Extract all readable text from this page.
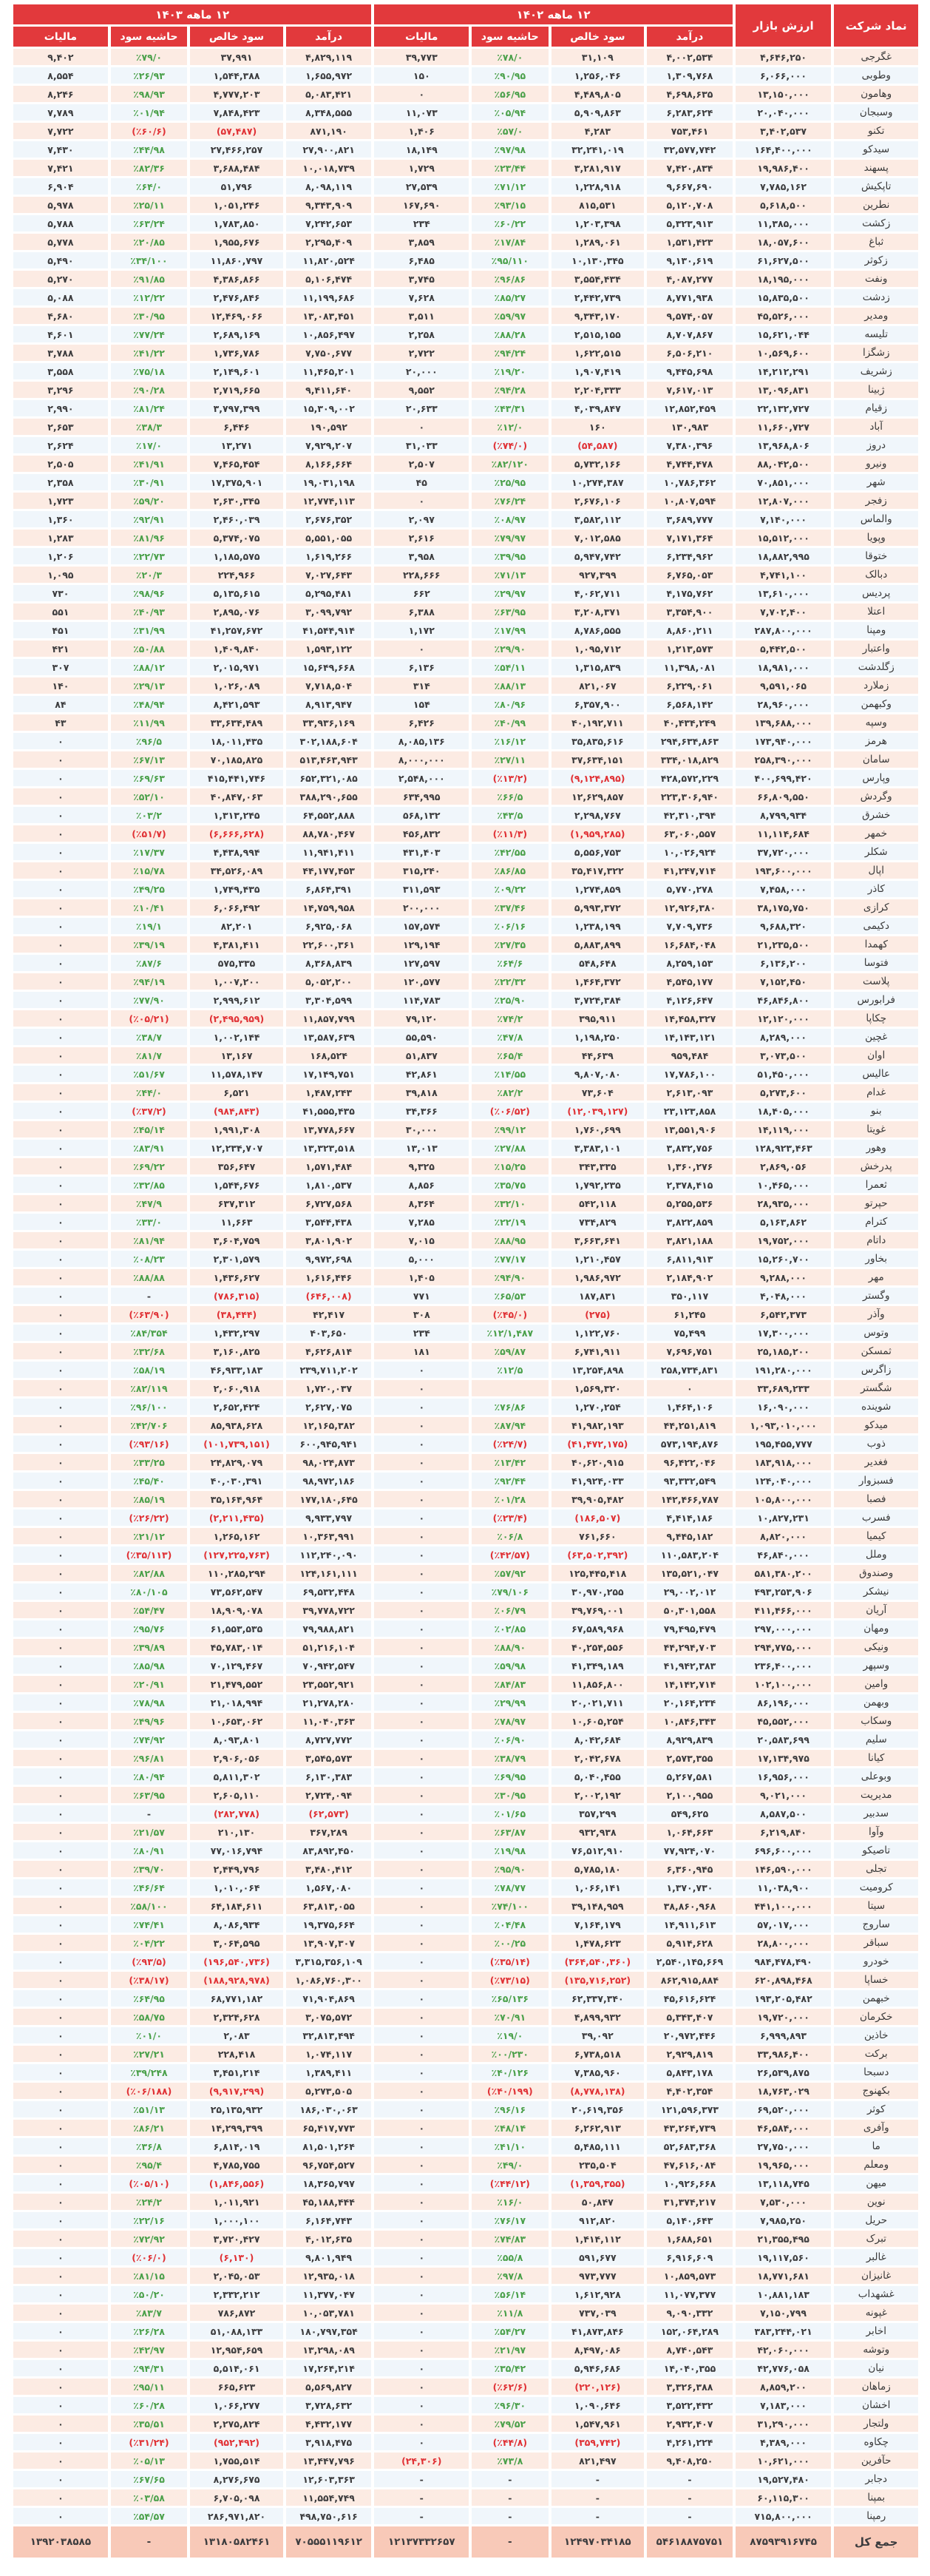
نماد شرکت	ارزش بازار	۱۲ ماهه ۱۴۰۲				۱۲ ماهه ۱۴۰۳			
		درآمد	سود خالص	حاشیه سود	مالیات	درآمد	سود خالص	حاشیه سود	مالیات
غگرجی	۴,۶۴۶,۲۵۰	۴,۰۰۲,۵۳۴	۳۱,۱۰۹	٪۷۸/۰	۳۹,۷۷۳	۴,۸۲۹,۱۱۹	۳۷,۹۹۱	٪۷۹/۰	۹,۴۰۲
وطوبی	۶,۰۶۶,۰۰۰	۱,۳۰۹,۷۶۸	۱,۲۵۶,۰۴۶	٪۹۰/۹۵	۱۵۰	۱,۶۵۵,۹۷۲	۱,۵۴۴,۳۸۸	٪۲۶/۹۳	۸,۵۵۴
وهامون	۱۳,۱۵۰,۰۰۰	۴,۶۹۸,۶۳۵	۴,۴۸۹,۸۰۵	٪۵۶/۹۵	۰	۵,۰۸۳,۴۲۱	۴,۷۷۷,۲۰۳	٪۹۸/۹۳	۸,۲۴۶
وسبجان	۲۰,۰۴۰,۰۰۰	۶,۲۸۳,۶۲۴	۵,۹۰۹,۸۶۳	٪۰۵/۹۴	۱۱,۰۷۳	۸,۳۴۸,۵۵۵	۷,۸۴۸,۴۲۳	٪۰۱/۹۴	۷,۷۸۹
تکنو	۳,۴۰۲,۵۳۷	۷۵۳,۴۶۱	۴,۲۸۳	٪۵۷/۰	۱,۴۰۶	۸۷۱,۱۹۰	(۵۷,۴۸۷)	(٪۶۰/۶)	۷,۷۲۲
سیدکو	۱۶۴,۴۰۰,۰۰۰	۳۲,۵۷۷,۷۴۲	۳۲,۲۴۱,۰۱۹	٪۹۷/۹۸	۱۸,۱۴۹	۲۷,۹۰۰,۸۲۱	۲۷,۴۶۶,۲۵۷	٪۴۴/۹۸	۷,۴۳۰
پسهند	۱۹,۹۸۶,۴۰۰	۷,۴۲۰,۸۳۴	۳,۲۸۱,۹۱۷	٪۲۳/۴۴	۱,۷۲۹	۱۰,۰۱۸,۷۳۹	۳,۶۸۸,۴۸۴	٪۸۲/۳۶	۷,۴۲۱
تاپکیش	۷,۷۸۵,۱۶۲	۹,۶۶۷,۶۹۰	۱,۲۲۸,۹۱۸	٪۷۱/۱۲	۲۷,۵۳۹	۸,۰۹۸,۱۱۹	۵۱,۷۹۶	٪۶۴/۰	۶,۹۰۴
نطرین	۵,۶۱۸,۵۰۰	۵,۱۲۰,۷۰۸	۸۱۵,۵۳۱	٪۹۳/۱۵	۱۶۷,۶۹۰	۹,۳۴۳,۹۰۹	۱,۰۵۱,۲۴۶	٪۲۵/۱۱	۵,۹۷۸
زکشت	۱۱,۳۸۵,۰۰۰	۵,۳۲۳,۹۱۳	۱,۲۰۳,۳۹۸	٪۶۰/۲۲	۲۳۴	۷,۲۴۲,۶۵۳	۱,۷۸۳,۸۵۰	٪۶۳/۲۴	۵,۷۸۸
ثباغ	۱۸,۰۵۷,۶۰۰	۱,۵۳۱,۴۲۳	۱,۲۸۹,۰۶۱	٪۱۷/۸۴	۳,۸۵۹	۲,۲۹۵,۴۰۹	۱,۹۵۵,۶۷۶	٪۲۰/۸۵	۵,۷۷۸
زکوثر	۶۱,۶۲۷,۵۰۰	۹,۱۳۰,۶۱۹	۱۰,۱۳۰,۳۴۵	٪۹۵/۱۱۰	۶,۴۸۵	۱۱,۸۲۰,۵۲۴	۱۱,۸۶۰,۷۹۷	٪۳۴/۱۰۰	۵,۴۹۰
ونفت	۱۸,۱۹۵,۰۰۰	۴,۰۸۷,۲۷۷	۳,۵۵۴,۴۳۴	٪۹۶/۸۶	۳,۷۴۵	۵,۱۰۶,۴۷۴	۴,۳۸۶,۸۶۶	٪۹۱/۸۵	۵,۲۷۰
زدشت	۱۵,۸۳۵,۵۰۰	۸,۷۷۱,۹۳۸	۲,۴۴۲,۷۳۹	٪۸۵/۲۷	۷,۶۲۸	۱۱,۱۹۹,۶۸۶	۲,۴۷۶,۸۴۶	٪۱۲/۲۲	۵,۰۸۸
ومدیر	۴۵,۵۲۶,۰۰۰	۹,۵۷۴,۰۵۷	۹,۳۴۳,۱۷۰	٪۵۹/۹۷	۳,۵۱۱	۱۳,۰۸۳,۴۵۱	۱۲,۴۶۹,۰۶۶	٪۳۰/۹۵	۴,۶۸۰
تلیسه	۱۵,۶۲۱,۰۴۴	۸,۷۰۷,۸۶۷	۲,۵۱۵,۱۵۵	٪۸۸/۲۸	۲,۲۵۸	۱۰,۸۵۶,۴۹۷	۲,۶۸۹,۱۶۹	٪۷۷/۲۴	۴,۶۰۱
زشگزا	۱۰,۵۶۹,۶۰۰	۶,۵۰۶,۲۱۰	۱,۶۲۲,۵۱۵	٪۹۴/۲۴	۲,۷۲۲	۷,۷۵۰,۶۷۷	۱,۷۳۶,۷۸۶	٪۴۱/۲۲	۳,۷۸۸
زشریف	۱۴,۲۱۲,۲۹۱	۹,۴۴۵,۶۹۸	۱,۹۰۷,۴۱۹	٪۱۹/۲۰	۲۰,۰۰۰	۱۱,۴۶۵,۲۰۱	۲,۱۴۹,۶۰۱	٪۷۵/۱۸	۳,۵۵۸
ژبینا	۱۳,۰۹۶,۸۳۱	۷,۶۱۷,۰۱۳	۲,۲۰۴,۳۳۳	٪۹۴/۲۸	۹,۵۵۲	۹,۴۱۱,۶۴۰	۲,۷۱۹,۶۶۵	٪۹۰/۲۸	۳,۲۹۶
زقیام	۲۲,۱۳۲,۷۲۷	۱۲,۸۵۲,۴۵۹	۴,۰۳۹,۸۴۷	٪۴۳/۳۱	۲۰,۶۳۳	۱۵,۳۰۹,۰۰۲	۳,۷۹۷,۳۹۹	٪۸۱/۲۴	۲,۹۹۰
آباد	۱۱,۶۶۰,۷۲۷	۱۳۰,۹۸۳	۱۶۰	٪۱۲/۰	۰	۱۹۰,۵۹۲	۶,۴۴۶	٪۳۸/۳	۲,۶۵۳
دروز	۱۳,۹۶۸,۸۰۶	۷,۳۸۰,۳۹۶	(۵۴,۵۸۷)	(٪۷۴/۰)	۳۱,۰۳۳	۷,۹۲۹,۲۰۷	۱۳,۲۷۱	٪۱۷/۰	۲,۶۲۴
ونیرو	۸۸,۰۴۲,۵۰۰	۴,۷۴۴,۴۷۸	۵,۷۳۲,۱۶۶	٪۸۲/۱۲۰	۲,۵۰۷	۸,۱۶۶,۶۶۴	۷,۴۶۵,۴۵۴	٪۴۱/۹۱	۲,۵۰۵
شهر	۷۰,۸۵۱,۰۰۰	۱۰,۷۸۶,۳۶۲	۱۰,۲۷۴,۳۸۷	٪۲۵/۹۵	۴۵	۱۹,۰۳۱,۱۹۸	۱۷,۳۷۵,۹۰۱	٪۳۰/۹۱	۲,۳۵۸
زفجر	۱۲,۸۰۷,۰۰۰	۱۰,۸۰۷,۵۹۴	۲,۶۷۶,۱۰۶	٪۷۶/۲۴	۰	۱۲,۷۷۴,۱۱۳	۲,۶۳۰,۳۴۵	٪۵۹/۲۰	۱,۷۲۳
والماس	۷,۱۴۰,۰۰۰	۳,۶۸۹,۷۷۷	۳,۵۸۲,۱۱۲	٪۰۸/۹۷	۲,۰۹۷	۲,۶۷۶,۳۵۲	۲,۴۶۰,۰۳۹	٪۹۲/۹۱	۱,۳۶۰
وپویا	۱۵,۵۱۲,۰۰۰	۷,۱۷۱,۳۶۴	۷,۰۱۲,۵۸۵	٪۷۹/۹۷	۲,۶۱۶	۵,۵۵۱,۰۵۵	۵,۳۷۴,۰۷۵	٪۸۱/۹۶	۱,۲۸۳
ختوقا	۱۸,۸۸۲,۹۹۵	۶,۲۳۴,۹۶۲	۵,۹۴۷,۷۴۲	٪۳۹/۹۵	۳,۹۵۸	۱,۶۱۹,۲۶۶	۱,۱۸۵,۵۷۵	٪۲۲/۷۳	۱,۲۰۶
دبالک	۴,۷۴۱,۱۰۰	۶,۷۶۵,۰۵۳	۹۲۷,۳۹۹	٪۷۱/۱۳	۲۲۸,۶۶۶	۷,۰۲۷,۶۴۳	۲۲۴,۹۶۶	٪۲۰/۳	۱,۰۹۵
پردیس	۱۳,۶۱۰,۰۰۰	۴,۱۷۵,۷۶۲	۴,۰۶۲,۷۱۱	٪۲۹/۹۷	۶۶۲	۵,۲۹۵,۴۸۱	۵,۱۳۵,۶۱۵	٪۹۸/۹۶	۷۳۰
اعتلا	۷,۷۰۲,۴۰۰	۳,۳۵۴,۹۰۰	۳,۲۰۸,۳۷۱	٪۶۳/۹۵	۶,۳۸۸	۳,۰۹۹,۷۹۲	۲,۸۹۵,۰۷۶	٪۴۰/۹۳	۵۵۱
ومپنا	۲۸۷,۸۰۰,۰۰۰	۸,۸۶۰,۲۱۱	۸,۷۸۶,۵۵۵	٪۱۷/۹۹	۱,۱۷۲	۴۱,۵۴۴,۹۱۴	۴۱,۲۵۷,۶۷۲	٪۳۱/۹۹	۴۵۱
واعتبار	۵,۴۴۲,۵۰۰	۱,۲۱۳,۵۷۳	۱,۰۹۵,۷۱۲	٪۲۹/۹۰	۰	۱,۵۹۳,۱۲۲	۱,۴۰۹,۸۴۰	٪۵۰/۸۸	۴۲۱
زگلدشت	۱۸,۹۸۱,۰۰۰	۱۱,۳۹۸,۰۸۱	۱,۳۱۵,۸۳۹	٪۵۴/۱۱	۶,۱۳۶	۱۵,۶۴۹,۶۶۸	۲,۰۱۵,۹۷۱	٪۸۸/۱۲	۳۰۷
زملارد	۹,۵۹۱,۰۶۵	۶,۲۲۹,۰۶۱	۸۲۱,۰۶۷	٪۸۸/۱۳	۳۱۴	۷,۷۱۸,۵۰۴	۱,۰۲۶,۰۸۹	٪۲۹/۱۳	۱۴۰
وکبهمن	۲۸,۹۶۰,۰۰۰	۶,۵۶۸,۱۴۲	۶,۳۵۷,۹۰۰	٪۸۰/۹۶	۱۵۴	۸,۹۱۳,۹۴۷	۸,۴۲۱,۵۹۳	٪۴۸/۹۴	۸۴
وسپه	۱۳۹,۶۸۸,۰۰۰	۴۰,۴۳۴,۲۴۹	۴۰,۱۹۲,۷۱۱	٪۴۰/۹۹	۶,۴۲۶	۳۳,۹۳۶,۱۶۹	۳۳,۶۳۴,۴۸۹	٪۱۱/۹۹	۴۳
هرمز	۱۷۳,۹۴۰,۰۰۰	۲۹۴,۶۳۴,۸۶۳	۳۵,۸۳۵,۶۱۶	٪۱۶/۱۲	۸,۰۸۵,۱۳۶	۳۰۲,۱۸۸,۶۰۴	۱۸,۰۱۱,۴۳۵	٪۹۶/۵	۰
سامان	۲۵۸,۳۹۰,۰۰۰	۳۳۴,۰۱۸,۸۲۹	۳۷,۶۳۴,۱۵۱	٪۲۷/۱۱	۸,۰۰۰,۰۰۰	۵۱۳,۴۶۳,۹۴۳	۷۰,۱۸۵,۸۲۵	٪۶۷/۱۳	۰
وپارس	۴۰۰,۶۹۹,۴۲۰	۴۲۸,۵۷۲,۲۲۹	(۹,۱۲۴,۸۹۵)	(٪۱۳/۲)	۲,۵۴۸,۰۰۰	۶۵۲,۳۲۱,۰۸۵	۴۱۵,۴۴۱,۷۴۶	٪۶۹/۶۳	۰
وگردش	۶۶,۸۰۹,۵۵۰	۲۲۳,۳۰۶,۹۴۰	۱۲,۶۲۹,۸۵۷	٪۶۶/۵	۶۳۴,۹۹۵	۳۸۸,۲۹۰,۶۵۵	۴۰,۸۴۷,۰۶۳	٪۵۲/۱۰	۰
خشرق	۸,۷۹۹,۹۳۴	۴۲,۳۱۰,۳۹۴	۲,۲۹۸,۷۶۷	٪۴۳/۵	۵۶۸,۱۳۲	۶۴,۵۵۲,۸۸۸	۱,۳۱۳,۲۴۵	٪۰۳/۲	۰
خمهر	۱۱,۱۱۴,۶۸۴	۶۳,۰۶۰,۵۵۷	(۱,۹۵۹,۲۸۵)	(٪۱۱/۳)	۴۵۶,۸۳۲	۸۸,۷۸۰,۴۶۷	(۶,۶۶۶,۶۲۸)	(٪۵۱/۷)	۰
شکلر	۳۷,۷۲۰,۰۰۰	۱۰,۰۲۶,۹۲۴	۵,۵۵۶,۷۵۳	٪۴۲/۵۵	۴۳۱,۴۰۳	۱۱,۹۴۱,۴۱۱	۴,۴۳۸,۹۹۴	٪۱۷/۳۷	۰
اپال	۱۹۳,۶۰۰,۰۰۰	۴۱,۲۴۷,۷۱۴	۳۵,۴۱۷,۳۲۲	٪۸۶/۸۵	۳۱۵,۲۴۰	۴۴,۱۷۷,۴۵۳	۳۴,۵۲۶,۰۸۹	٪۱۵/۷۸	۰
کاذر	۷,۴۵۸,۰۰۰	۵,۷۷۰,۲۷۸	۱,۲۷۴,۸۵۹	٪۰۹/۲۲	۳۱۱,۵۹۳	۶,۸۶۴,۳۹۱	۱,۷۴۹,۴۳۵	٪۴۹/۲۵	۰
کرازی	۳۸,۱۷۵,۷۵۰	۱۲,۹۲۶,۳۸۰	۵,۹۹۳,۳۷۲	٪۳۷/۴۶	۲۰۰,۰۰۰	۱۴,۷۵۹,۹۵۸	۶,۰۶۶,۴۹۲	٪۱۰/۴۱	۰
دکیمی	۹,۶۸۸,۳۲۰	۷,۷۰۹,۷۳۶	۱,۲۳۸,۱۹۹	٪۰۶/۱۶	۱۵۷,۵۷۴	۶,۹۲۵,۰۶۸	۸۲,۲۰۱	٪۱۹/۱	۰
کهمدا	۲۱,۲۳۵,۵۰۰	۱۶,۶۸۴,۰۴۸	۵,۸۸۳,۸۹۹	٪۲۷/۳۵	۱۲۹,۱۹۴	۲۲,۶۰۰,۳۶۱	۴,۳۸۱,۴۱۱	٪۳۹/۱۹	۰
فتوسا	۶,۱۳۶,۲۰۰	۸,۲۵۹,۱۵۳	۵۴۸,۶۴۸	٪۶۴/۶	۱۲۷,۵۹۷	۸,۳۶۸,۸۳۹	۵۷۵,۳۳۵	٪۸۷/۶	۰
پلاست	۷,۱۵۲,۴۵۰	۴,۵۴۵,۱۷۷	۱,۴۶۴,۳۷۲	٪۲۲/۳۲	۱۲۰,۵۷۷	۵,۰۵۲,۲۰۰	۱,۰۰۷,۲۰۰	٪۹۴/۱۹	۰
فرابورس	۴۶,۸۴۶,۸۰۰	۴,۱۲۶,۶۴۷	۳,۷۲۴,۳۸۴	٪۲۵/۹۰	۱۱۴,۷۸۳	۳,۳۰۴,۵۹۹	۲,۹۹۹,۶۱۲	٪۷۷/۹۰	۰
چکاپا	۱۲,۱۲۰,۰۰۰	۱۴,۴۵۸,۳۲۷	۳۹۵,۹۱۱	٪۷۴/۲	۷۹,۱۲۰	۱۱,۸۵۷,۷۹۹	(۲,۴۹۵,۹۵۹)	(٪۰۵/۲۱)	۰
غچین	۸,۲۸۹,۰۰۰	۱۴,۱۴۳,۱۲۱	۱,۱۹۸,۲۵۰	٪۴۷/۸	۵۵,۵۹۰	۱۳,۵۸۷,۶۳۹	۱,۰۰۲,۱۴۴	٪۳۸/۷	۰
اوان	۳,۰۷۳,۵۰۰	۹۵۹,۴۸۴	۴۴,۶۳۹	٪۶۵/۴	۵۱,۸۳۷	۱۶۸,۵۲۴	۱۳,۱۶۷	٪۸۱/۷	۰
عالیس	۵۱,۴۵۰,۰۰۰	۱۷,۷۸۶,۱۰۰	۹,۸۰۷,۰۸۰	٪۱۴/۵۵	۴۲,۸۶۱	۱۷,۱۴۹,۷۵۱	۱۱,۵۷۸,۱۴۷	٪۵۱/۶۷	۰
غدام	۵,۲۷۳,۶۰۰	۲,۶۱۳,۰۹۳	۷۳,۶۰۴	٪۸۲/۲	۳۹,۸۱۸	۱,۴۸۷,۲۴۳	۶,۵۲۱	٪۴۴/۰	۰
بنو	۱۸,۴۰۵,۰۰۰	۲۳,۱۲۳,۸۵۸	(۱۲,۰۳۹,۱۲۷)	(٪۰۶/۵۲)	۳۴,۳۶۶	۴۱,۵۵۵,۴۳۵	(۹۸۴,۸۴۳)	(٪۳۷/۲)	۰
غویتا	۱۴,۱۱۹,۰۰۰	۱۳,۵۵۱,۹۰۶	۱,۷۶۰,۶۹۹	٪۹۹/۱۲	۳۰,۰۰۰	۱۳,۷۷۸,۶۶۷	۱,۹۹۱,۳۰۸	٪۴۵/۱۴	۰
وهور	۱۲۸,۹۲۳,۴۶۳	۳,۸۳۲,۷۵۶	۳,۳۸۳,۱۰۱	٪۲۷/۸۸	۱۳,۰۱۳	۱۳,۳۲۳,۵۱۸	۱۲,۲۳۴,۷۰۷	٪۸۳/۹۱	۰
پدرخش	۲,۸۶۹,۰۵۶	۱,۳۶۰,۲۷۶	۳۴۳,۳۳۵	٪۱۵/۲۵	۹,۳۲۵	۱,۵۷۱,۴۸۴	۳۵۶,۶۴۷	٪۶۹/۲۲	۰
ثعمرا	۱۰,۴۶۵,۰۰۰	۲,۳۷۸,۴۱۵	۱,۷۹۲,۲۳۵	٪۳۵/۷۵	۸,۸۵۶	۱,۸۱۰,۵۳۷	۱,۵۴۴,۶۷۶	٪۳۲/۸۵	۰
حپرتو	۲۸,۹۳۵,۰۰۰	۵,۲۵۵,۵۳۶	۵۴۲,۱۱۸	٪۳۲/۱۰	۸,۳۶۴	۶,۷۲۷,۵۶۸	۶۳۷,۳۱۲	٪۴۷/۹	۰
کترام	۵,۱۶۳,۸۶۲	۳,۸۲۲,۸۵۹	۷۳۴,۸۲۹	٪۲۲/۱۹	۷,۲۸۵	۳,۵۴۴,۴۳۸	۱۱,۶۶۳	٪۳۳/۰	۰
داتام	۱۹,۷۵۲,۰۰۰	۳,۸۲۱,۱۸۸	۳,۶۶۳,۶۴۱	٪۸۸/۹۵	۷,۰۱۵	۳,۸۰۱,۹۰۲	۳,۶۰۴,۷۵۹	٪۸۱/۹۴	۰
بخاور	۱۵,۲۶۰,۷۰۰	۶,۸۱۱,۹۱۳	۱,۲۱۰,۴۵۷	٪۷۷/۱۷	۵,۰۰۰	۹,۹۷۲,۶۹۸	۲,۳۰۱,۵۷۹	٪۰۸/۲۳	۰
مهر	۹,۲۸۸,۰۰۰	۲,۱۸۴,۹۰۲	۱,۹۸۶,۹۷۲	٪۹۴/۹۰	۱,۴۰۵	۱,۶۱۶,۴۴۶	۱,۴۳۶,۶۲۷	٪۸۸/۸۸	۰
وگستر	۴,۰۴۸,۰۰۰	۳۵۰,۱۱۷	۱۸۷,۸۳۱	٪۶۵/۵۳	۷۷۱	(۶۴۶,۰۰۸)	(۷۸۶,۳۱۵)	-	۰
وآذر	۶,۵۴۲,۳۷۳	۶۱,۲۴۵	(۲۷۵)	(٪۴۵/۰)	۳۰۸	۴۲,۴۱۷	(۳۸,۴۴۴)	(٪۶۳/۹۰)	۰
وتوس	۱۷,۳۰۰,۰۰۰	۷۵,۴۹۹	۱,۱۲۲,۷۶۰	٪۱۲/۱,۴۸۷	۲۳۴	۴۰۳,۶۵۰	۱,۴۳۲,۲۹۷	٪۸۴/۳۵۴	۰
ثمسکن	۲۵,۱۸۵,۲۰۰	۷,۶۹۶,۷۵۱	۶,۷۴۱,۹۱۱	٪۵۹/۸۷	۱۸۱	۴,۶۲۶,۸۱۴	۳,۱۶۰,۸۲۵	٪۳۲/۶۸	۰
زاگرس	۱۹۱,۲۸۰,۰۰۰	۲۵۸,۷۳۴,۸۳۱	۱۳,۲۵۴,۸۹۸	٪۱۲/۵	۰	۲۳۹,۷۱۱,۲۰۲	۴۶,۹۳۳,۱۸۳	٪۵۸/۱۹	۰
شگستر	۳۳,۶۸۹,۲۳۳	۰	۱,۵۶۹,۳۲۰		۰	۱,۷۲۰,۰۳۷	۲,۰۶۰,۹۱۸	٪۸۲/۱۱۹	۰
شوینده	۱۶,۰۹۰,۰۰۰	۱,۴۶۴,۱۰۶	۱,۲۷۰,۲۵۴	٪۷۶/۸۶	۰	۲,۶۲۷,۰۷۵	۲,۶۵۲,۴۲۴	٪۹۶/۱۰۰	۰
میدکو	۱,۰۹۳,۰۱۰,۰۰۰	۴۴,۲۵۱,۸۱۹	۴۱,۹۸۲,۱۹۳	٪۸۷/۹۴	۰	۱۲,۱۶۵,۳۸۲	۸۵,۹۳۸,۶۲۸	٪۴۲/۷۰۶	۰
ذوب	۱۹۵,۴۵۵,۷۷۷	۵۷۳,۱۹۴,۸۷۶	(۴۱,۴۷۲,۱۷۵)	(٪۲۴/۷)	۰	۶۰۰,۹۴۵,۹۴۱	(۱۰۱,۷۳۹,۱۵۱)	(٪۹۳/۱۶)	۰
فغدیر	۱۸۳,۹۱۸,۰۰۰	۹۶,۴۲۲,۰۴۶	۴۰,۶۲۰,۹۱۵	٪۱۳/۴۲	۰	۹۸,۰۲۴,۸۷۳	۲۴,۸۲۹,۰۷۹	٪۳۳/۲۵	۰
فسبزوار	۱۲۴,۰۴۰,۰۰۰	۹۳,۳۳۲,۵۴۹	۴۱,۹۲۴,۰۳۳	٪۹۲/۴۴	۰	۹۸,۹۷۲,۱۸۶	۴۰,۰۳۰,۳۹۱	٪۴۵/۴۰	۰
فصبا	۱۰۵,۸۰۰,۰۰۰	۱۴۲,۴۶۶,۷۸۷	۳۹,۹۰۵,۴۸۲	٪۰۱/۲۸	۰	۱۷۷,۱۸۰,۶۴۵	۳۵,۱۶۴,۹۶۴	٪۸۵/۱۹	۰
فسرب	۱۰,۸۲۷,۲۳۱	۴,۴۱۴,۱۸۶	(۱۸۶,۵۰۷)	(٪۲۳/۴)	۰	۹,۹۳۳,۷۹۷	(۲,۲۱۱,۴۳۵)	(٪۲۶/۲۲)	۰
کیمیا	۸,۸۲۰,۰۰۰	۹,۴۴۵,۱۸۲	۷۶۱,۶۶۰	٪۰۶/۸	۰	۱۰,۳۶۳,۹۹۱	۱,۲۶۵,۱۶۲	٪۲۱/۱۲	۰
وملل	۴۶,۸۴۰,۰۰۰	۱۱۰,۵۸۳,۲۰۴	(۶۳,۵۰۲,۳۹۲)	(٪۴۲/۵۷)	۰	۱۱۲,۲۴۰,۰۹۰	(۱۲۷,۲۲۵,۷۶۳)	(٪۳۵/۱۱۳)	۰
وصندوق	۵۸۱,۳۸۰,۲۰۰	۱۳۵,۵۲۱,۰۴۷	۱۲۵,۴۴۵,۴۱۸	٪۵۷/۹۲	۰	۱۲۴,۱۶۱,۱۱۱	۱۱۰,۲۸۵,۲۹۴	٪۸۲/۸۸	۰
نیشکر	۴۹۳,۲۵۳,۹۰۶	۲۹,۰۰۲,۰۱۲	۳۰,۹۷۰,۲۵۵	٪۷۹/۱۰۶	۰	۶۹,۵۳۲,۴۴۸	۷۳,۵۶۲,۵۴۷	٪۸۰/۱۰۵	۰
آریان	۴۱۱,۴۶۶,۰۰۰	۵۰,۳۰۱,۵۵۸	۳۹,۷۶۹,۰۰۱	٪۰۶/۷۹	۰	۳۹,۷۷۸,۷۲۲	۱۸,۹۰۹,۰۷۸	٪۵۴/۴۷	۰
ومهان	۲۹۷,۰۰۰,۰۰۰	۷۹,۴۹۵,۴۷۹	۶۷,۵۸۹,۹۶۸	٪۰۲/۸۵	۰	۷۹,۹۸۸,۸۲۱	۶۱,۵۵۳,۵۳۵	٪۹۵/۷۶	۰
ونیکی	۲۹۴,۷۷۵,۰۰۰	۴۴,۲۹۴,۷۰۳	۴۰,۲۵۴,۵۵۶	٪۸۸/۹۰	۰	۵۱,۲۱۶,۱۰۴	۴۵,۷۸۳,۰۱۴	٪۳۹/۸۹	۰
وسپهر	۲۳۶,۴۰۰,۰۰۰	۴۱,۹۴۲,۳۸۳	۴۱,۳۴۹,۱۸۹	٪۵۹/۹۸	۰	۷۰,۹۴۲,۵۴۷	۷۰,۱۲۹,۴۶۷	٪۸۵/۹۸	۰
وامین	۱۰۲,۱۰۰,۰۰۰	۱۴,۱۴۲,۷۱۴	۱۱,۸۵۶,۸۰۰	٪۸۴/۸۳	۰	۲۳,۵۵۲,۹۲۱	۲۱,۴۷۹,۵۵۲	٪۲۰/۹۱	۰
وبهمن	۸۶,۱۹۶,۰۰۰	۲۰,۱۶۴,۲۳۴	۲۰,۰۲۱,۷۱۱	٪۲۹/۹۹	۰	۲۱,۲۷۸,۲۸۰	۲۱,۰۱۸,۹۹۴	٪۷۸/۹۸	۰
وسکاب	۴۵,۵۵۲,۰۰۰	۱۰,۸۴۶,۳۴۳	۱۰,۶۰۵,۲۵۴	٪۷۸/۹۷	۰	۱۱,۰۴۰,۳۶۳	۱۰,۶۵۳,۰۶۲	٪۴۹/۹۶	۰
سلیم	۲۰,۵۸۳,۶۹۹	۸,۹۲۹,۸۳۹	۸,۰۴۲,۶۸۴	٪۰۶/۹۰	۰	۸,۷۲۷,۷۷۲	۸,۰۹۳,۸۰۱	٪۷۴/۹۲	۰
کیانا	۱۷,۱۳۴,۹۷۵	۲,۵۷۳,۳۵۵	۲,۰۴۲,۶۷۸	٪۳۸/۷۹	۰	۳,۵۴۵,۵۷۳	۲,۹۰۶,۰۵۶	٪۹۶/۸۱	۰
وبوعلی	۱۶,۹۵۶,۰۰۰	۵,۲۶۷,۵۸۱	۵,۰۴۰,۴۵۵	٪۶۹/۹۵	۰	۶,۱۳۰,۳۸۳	۵,۸۱۱,۳۰۲	٪۸۰/۹۴	۰
مدیریت	۹,۰۲۱,۰۰۰	۲,۱۰۰,۹۵۵	۲,۰۰۲,۱۹۲	٪۳۰/۹۵	۰	۲,۷۲۴,۰۹۴	۲,۶۰۵,۱۱۰	٪۶۳/۹۵	۰
سدبیر	۸,۵۸۷,۵۰۰	۵۴۹,۶۲۵	۳۵۷,۲۹۹	٪۰۱/۶۵	۰	(۶۲,۵۷۳)	(۲۸۲,۷۷۸)	-	۰
وآوا	۶,۲۱۹,۸۴۰	۱,۰۶۴,۶۶۳	۹۳۲,۹۳۸	٪۶۳/۸۷	۰	۳۶۷,۲۸۹	۲۱۰,۱۳۰	٪۲۱/۵۷	۰
تاصیکو	۶۹۶,۶۰۰,۰۰۰	۷۷,۹۲۴,۰۷۰	۷۶,۵۱۲,۹۱۰	٪۱۹/۹۸	۰	۸۳,۸۹۲,۴۵۰	۷۷,۰۱۶,۷۹۴	٪۸۰/۹۱	۰
تجلی	۱۴۶,۵۹۰,۰۰۰	۶,۳۶۰,۹۴۵	۵,۷۸۵,۱۸۰	٪۹۵/۹۰	۰	۳,۴۸۰,۴۱۲	۲,۴۴۹,۷۹۶	٪۳۹/۷۰	۰
کرومیت	۱۱,۰۳۸,۹۰۰	۱,۳۷۰,۷۳۰	۱,۰۶۶,۱۴۱	٪۷۸/۷۷	۰	۱,۵۶۷,۰۸۰	۱,۰۱۰,۰۶۴	٪۴۶/۶۴	۰
سیتا	۴۴۱,۱۰۰,۰۰۰	۳۸,۸۶۰,۹۶۸	۳۹,۱۴۸,۹۵۹	٪۷۴/۱۰۰	۰	۶۳,۸۱۳,۰۵۵	۶۴,۱۸۴,۶۱۱	٪۵۸/۱۰۰	۰
ساروج	۵۷,۰۱۷,۰۰۰	۱۴,۹۱۱,۶۱۳	۷,۱۶۴,۱۷۹	٪۰۴/۴۸	۰	۱۹,۳۷۵,۶۶۴	۸,۰۸۶,۹۳۴	٪۷۴/۴۱	۰
سباقر	۲۸,۸۰۰,۰۰۰	۵,۹۱۴,۶۲۸	۱,۴۷۸,۶۲۳	٪۰۰/۲۵	۰	۱۳,۹۰۷,۳۰۷	۳,۰۶۴,۵۹۵	٪۰۴/۲۲	۰
خودرو	۹۸۴,۴۷۸,۴۹۰	۲,۵۴۰,۱۴۵,۶۶۹	(۳۶۴,۵۴۰,۳۶۰)	(٪۳۵/۱۴)	۰	۳,۳۱۵,۳۵۶,۱۰۹	(۱۹۶,۵۴۰,۷۳۶)	(٪۹۳/۵)	۰
خساپا	۶۲۰,۸۹۸,۴۶۸	۸۶۲,۹۱۵,۸۸۴	(۱۳۵,۷۱۶,۲۵۲)	(٪۷۳/۱۵)	۰	۱,۰۸۶,۷۶۰,۳۰۰	(۱۸۸,۹۲۸,۹۷۸)	(٪۳۸/۱۷)	۰
خبهمن	۱۹۳,۲۰۵,۴۸۲	۴۵,۶۱۶,۶۲۴	۶۲,۳۳۷,۳۴۰	٪۶۵/۱۳۶	۰	۷۱,۹۰۴,۸۶۹	۶۸,۷۷۱,۱۸۲	٪۶۴/۹۵	۰
خکرمان	۱۹,۷۲۰,۰۰۰	۵,۳۴۳,۴۰۷	۴,۸۹۹,۹۳۲	٪۷۰/۹۱	۰	۳,۰۷۵,۵۷۲	۲,۳۲۴,۶۲۸	٪۵۸/۷۵	۰
خاذین	۶,۹۹۹,۸۹۳	۲۰,۹۷۲,۴۴۶	۳۹,۰۹۲	٪۱۹/۰	۰	۳۲,۸۱۳,۴۹۴	۲,۰۸۳	٪۰۱/۰	۰
برکت	۳۳,۹۸۶,۴۰۰	۲,۹۲۹,۸۱۹	۶,۷۳۸,۵۱۸	٪۰۰/۲۳۰	۰	۱,۰۷۴,۱۱۷	۲۲۸,۴۱۸	٪۲۷/۲۱	۰
دسبحا	۲۶,۵۳۹,۸۷۵	۵,۸۴۳,۱۷۸	۷,۳۸۵,۹۶۰	٪۴۰/۱۲۶	۰	۱,۳۸۹,۴۱۱	۳,۴۵۱,۲۱۴	٪۳۹/۲۴۸	۰
بکهنوج	۱۸,۷۶۳,۰۲۹	۴,۴۰۲,۳۵۴	(۸,۷۷۸,۱۳۸)	(٪۴۰/۱۹۹)	۰	۵,۲۷۳,۵۰۵	(۹,۹۱۷,۲۹۹)	(٪۰۶/۱۸۸)	۰
کوثر	۶۹,۵۲۰,۰۰۰	۱۲۱,۵۹۶,۳۷۳	۲۰,۶۱۹,۳۵۶	٪۹۶/۱۶	۰	۱۸۶,۰۳۰,۰۶۳	۲۵,۱۳۵,۹۳۲	٪۵۱/۱۳	۰
وآفری	۴۶,۵۸۴,۰۰۰	۴۳,۲۶۴,۷۳۹	۶,۲۶۲,۹۱۳	٪۴۸/۱۴	۰	۶۵,۴۱۷,۷۷۳	۱۴,۲۹۹,۳۹۹	٪۸۶/۲۱	۰
ما	۲۷,۷۵۰,۰۰۰	۵۲,۶۸۳,۳۶۸	۵,۴۸۵,۱۱۱	٪۴۱/۱۰	۰	۸۱,۵۰۱,۲۶۴	۶,۸۱۴,۰۱۹	٪۳۶/۸	۰
ومعلم	۱۹,۹۶۵,۰۰۰	۴۷,۶۱۶,۰۸۴	۲۳۵,۵۰۴	٪۴۹/۰	۰	۹۶,۷۵۴,۵۲۷	۴,۷۸۵,۷۵۵	٪۹۵/۴	۰
میهن	۱۳,۱۱۸,۷۴۵	۱۰,۹۲۶,۶۶۸	(۱,۳۵۹,۳۵۵)	(٪۴۴/۱۲)	۰	۱۸,۳۶۵,۷۹۷	(۱,۸۴۶,۵۵۶)	(٪۰۵/۱۰)	۰
نوین	۷,۵۳۰,۰۰۰	۳۱,۳۷۴,۲۱۷	۵۰,۸۴۷	٪۱۶/۰	۰	۴۵,۱۸۸,۴۴۴	۱,۰۱۱,۹۲۱	٪۲۴/۲	۰
حریل	۷,۹۸۵,۲۵۰	۵,۱۴۰,۶۴۳	۹۱۲,۸۲۰	٪۷۶/۱۷	۰	۶,۱۶۴,۷۴۳	۱,۰۰۰,۱۰۰	٪۲۲/۱۶	۰
تبرک	۲۱,۳۵۵,۴۹۵	۱,۶۸۸,۶۵۱	۱,۴۱۴,۱۱۲	٪۷۴/۸۳	۰	۴,۰۱۲,۶۳۵	۳,۷۲۰,۴۲۷	٪۷۲/۹۲	۰
غالبر	۱۹,۱۱۷,۵۶۰	۶,۹۱۶,۶۰۹	۵۹۱,۶۷۷	٪۵۵/۸	۰	۹,۸۰۱,۹۴۹	(۶,۱۳۰)	(٪۰۶/۰)	۰
غانیزان	۱۸,۷۷۱,۶۸۱	۱۰,۸۵۹,۵۷۳	۹۷۳,۷۷۷	٪۹۷/۸	۰	۱۲,۹۳۵,۰۱۸	۲,۰۴۵,۰۵۳	٪۸۱/۱۵	۰
غشهداب	۱۰,۸۸۱,۱۸۳	۱۱,۰۷۷,۳۷۷	۱,۶۱۲,۹۲۸	٪۵۶/۱۴	۰	۱۱,۳۷۷,۰۴۷	۲,۳۳۲,۲۱۲	٪۵۰/۲۰	۰
غپونه	۷,۱۵۰,۷۹۹	۹,۰۹۰,۳۳۲	۷۳۷,۰۳۹	٪۱۱/۸	۰	۱۰,۰۵۳,۷۸۱	۷۸۶,۸۷۲	٪۸۳/۷	۰
اخابر	۳۸۳,۲۴۴,۰۲۱	۱۵۲,۰۶۴,۲۸۹	۴۱,۸۷۳,۸۴۶	٪۵۴/۲۷	۰	۱۸۰,۷۹۷,۳۵۴	۵۱,۰۸۸,۱۳۳	٪۲۶/۲۸	۰
وتوشه	۴۲,۰۶۰,۰۰۰	۸,۷۴۰,۵۴۳	۸,۴۹۷,۰۸۶	٪۲۱/۹۷	۰	۱۳,۲۹۸,۰۸۹	۱۲,۹۵۴,۶۵۹	٪۴۲/۹۷	۰
نیان	۴۲,۷۷۶,۰۵۸	۱۴,۰۴۰,۳۵۵	۵,۹۴۶,۶۸۶	٪۳۵/۴۲	۰	۱۷,۲۶۴,۲۱۴	۵,۵۱۴,۰۶۱	٪۹۴/۳۱	۰
زماهان	۸,۸۵۹,۲۰۰	۳,۳۲۶,۳۸۸	(۲۲۰,۱۲۶)	(٪۶۲/۶)	۰	۵,۵۶۹,۸۲۷	۶۶۵,۶۲۳	٪۹۵/۱۱	۰
اخشان	۷,۱۸۳,۰۰۰	۳,۵۲۲,۴۳۲	۱,۰۹۰,۶۴۶	٪۹۶/۳۰	۰	۳,۷۲۸,۶۳۲	۱,۰۶۶,۲۷۷	٪۶۰/۲۸	۰
ولتجار	۳۱,۲۹۰,۰۰۰	۲,۹۳۲,۴۰۷	۱,۵۴۷,۹۶۱	٪۷۹/۵۲	۰	۴,۴۳۲,۱۷۷	۲,۲۷۵,۸۲۴	٪۳۵/۵۱	۰
چکاوه	۴,۳۸۹,۰۰۰	۴,۲۶۱,۲۲۴	(۳۵۹,۷۴۲)	(٪۴۴/۸)	۰	۳,۹۱۸,۴۷۵	(۹۵۲,۴۹۲)	(٪۳۱/۲۴)	۰
حآفرین	۱۰,۶۲۱,۰۰۰	۹,۴۰۸,۲۵۰	۸۲۱,۴۹۷	٪۷۳/۸	(۲۴,۳۰۶)	۱۳,۴۴۷,۷۹۶	۱,۷۵۵,۵۱۴	٪۰۵/۱۳	۰
دجابر	۱۹,۵۲۷,۴۸۰	-	-	-	-	۱۲,۶۰۳,۳۶۳	۸,۲۷۶,۶۷۵	٪۶۷/۶۵	۰
بمپنا	۶۰,۱۱۵,۳۰۰	-	-	-	-	۱۱,۵۵۴,۷۴۹	۶,۷۰۵,۰۹۸	٪۰۳/۵۸	۰
رمپنا	۷۱۵,۸۰۰,۰۰۰	-	-	-	-	۴۹۸,۷۵۰,۶۱۶	۲۸۶,۹۷۱,۸۲۰	٪۵۴/۵۷	۰
جمع کل	۸۷۵۹۳۹۱۶۷۴۵	۵۴۶۱۸۸۷۵۷۵۱	۱۲۴۹۷۰۳۴۱۸۵	-	۱۲۱۳۷۳۳۲۶۵۷	۷۰۵۵۵۱۱۹۶۱۲	۱۳۱۸۰۵۸۲۴۶۱	-	۱۳۹۲۰۳۸۵۸۵
